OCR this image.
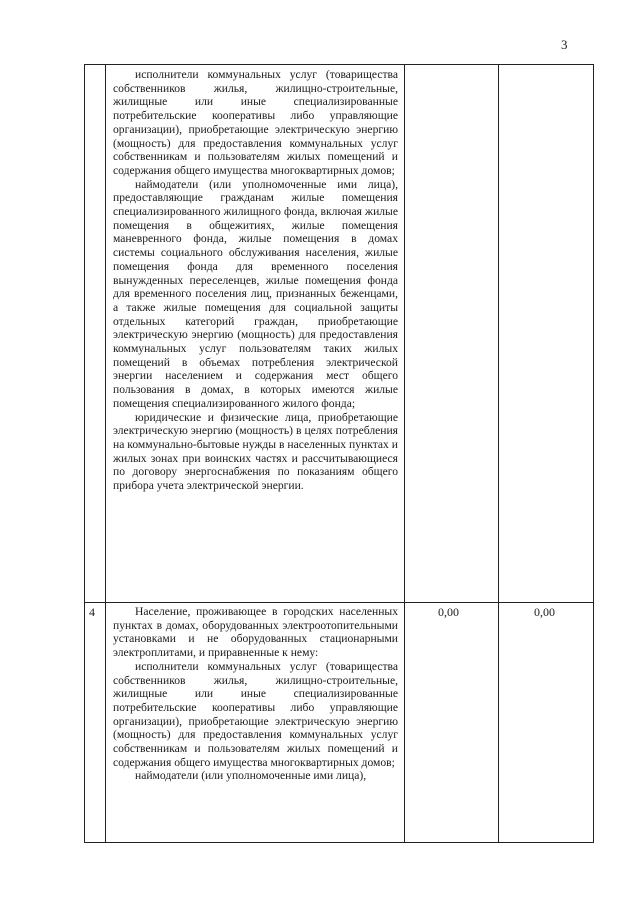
3

исполнители коммунальных услуг (товарищества собственников жилья, жилищно-строительные, жилищные или иные специализированные потребительские кооперативы либо управляющие организации), приобретающие электрическую энергию (мощность) для предоставления коммунальных услуг собственникам и пользователям жилых помещений и содержания общего имущества многоквартирных домов;

наймодатели (или уполномоченные ими лица), предоставляющие гражданам жилые помещения специализированного жилищного фонда, включая жилые помещения в общежитиях, жилые помещения маневренного фонда, жилые помещения в домах системы социального обслуживания населения, жилые помещения фонда для временного поселения вынужденных переселенцев, жилые помещения фонда для временного поселения лиц, признанных беженцами, а также жилые помещения для социальной защиты отдельных категорий граждан, приобретающие электрическую энергию (мощность) для предоставления коммунальных услуг пользователям таких жилых помещений в объемах потребления электрической энергии населением и содержания мест общего пользования в домах, в которых имеются жилые помещения специализированного жилого фонда;

юридические и физические лица, приобретающие электрическую энергию (мощность) в целях потребления на коммунально-бытовые нужды в населенных пунктах и жилых зонах при воинских частях и рассчитывающиеся по договору энергоснабжения по показаниям общего прибора учета электрической энергии.

4	Население, проживающее в городских населенных пунктах в домах, оборудованных электроотопительными установками и не оборудованных стационарными электроплитами, и приравненные к нему:

исполнители коммунальных услуг (товарищества собственников жилья, жилищно-строительные, жилищные или иные специализированные потребительские кооперативы либо управляющие организации), приобретающие электрическую энергию (мощность) для предоставления коммунальных услуг собственникам и пользователям жилых помещений и содержания общего имущества многоквартирных домов;

наймодатели (или уполномоченные ими лица),

0,00	0,00
